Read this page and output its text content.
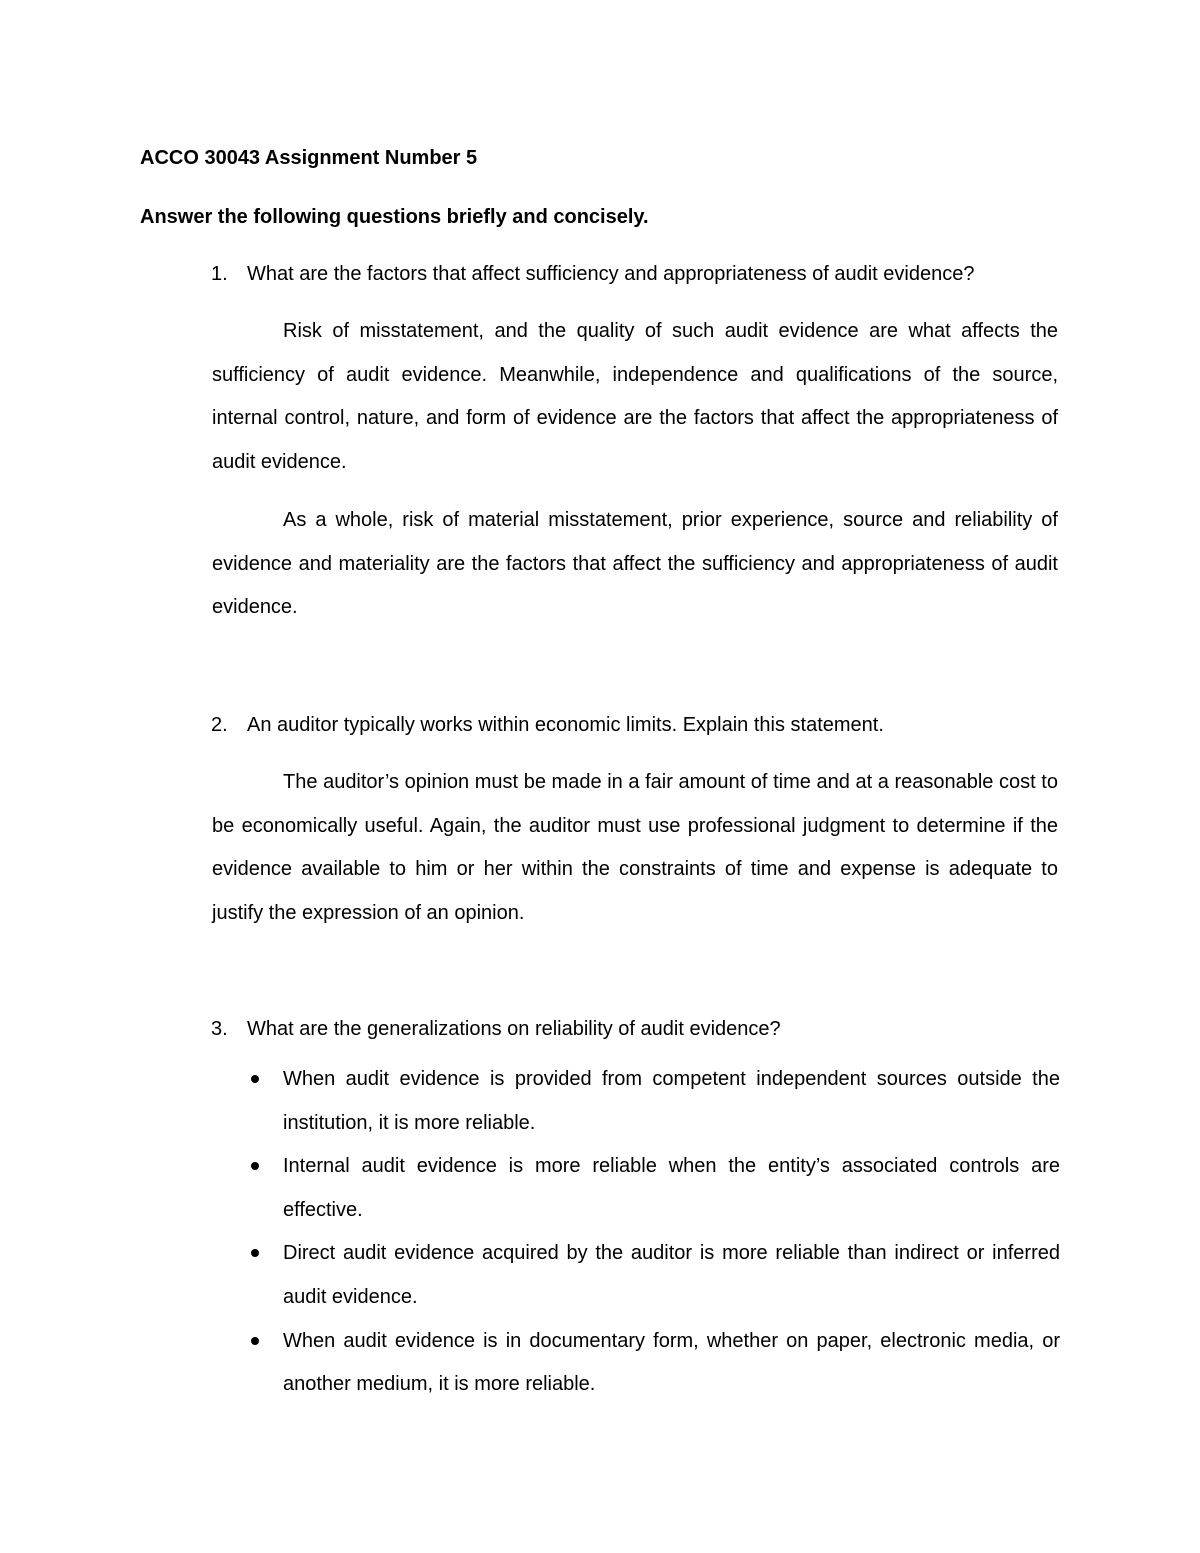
ACCO 30043 Assignment Number 5
Answer the following questions briefly and concisely.
1. What are the factors that affect sufficiency and appropriateness of audit evidence?

Risk of misstatement, and the quality of such audit evidence are what affects the sufficiency of audit evidence. Meanwhile, independence and qualifications of the source, internal control, nature, and form of evidence are the factors that affect the appropriateness of audit evidence.

As a whole, risk of material misstatement, prior experience, source and reliability of evidence and materiality are the factors that affect the sufficiency and appropriateness of audit evidence.

2. An auditor typically works within economic limits. Explain this statement.

The auditor’s opinion must be made in a fair amount of time and at a reasonable cost to be economically useful. Again, the auditor must use professional judgment to determine if the evidence available to him or her within the constraints of time and expense is adequate to justify the expression of an opinion.

3. What are the generalizations on reliability of audit evidence?
When audit evidence is provided from competent independent sources outside the institution, it is more reliable.
Internal audit evidence is more reliable when the entity’s associated controls are effective.
Direct audit evidence acquired by the auditor is more reliable than indirect or inferred audit evidence.
When audit evidence is in documentary form, whether on paper, electronic media, or another medium, it is more reliable.
